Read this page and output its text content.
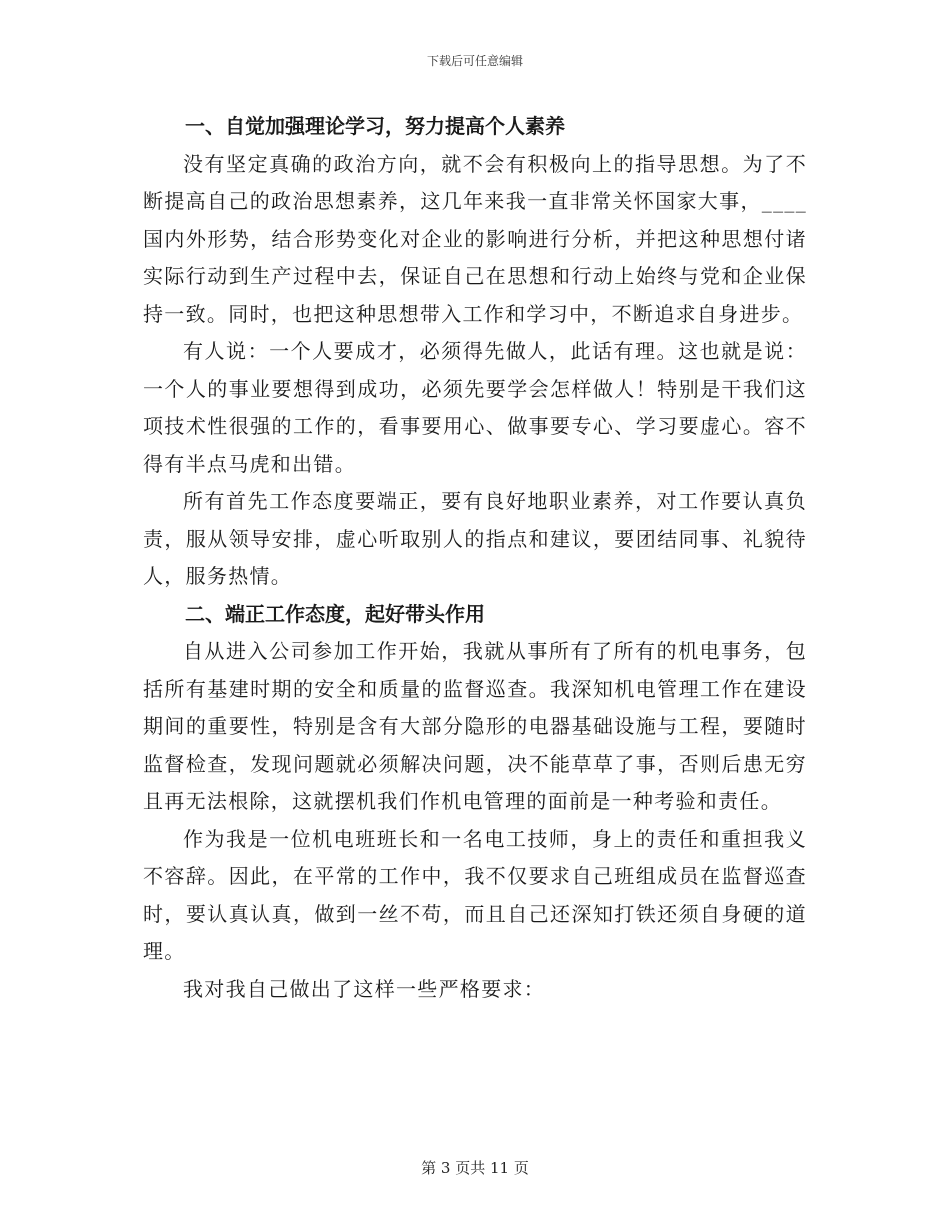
下载后可任意编辑
一、自觉加强理论学习，努力提高个人素养

没有坚定真确的政治方向，就不会有积极向上的指导思想。为了不断提高自己的政治思想素养，这几年来我一直非常关怀国家大事，____国内外形势，结合形势变化对企业的影响进行分析，并把这种思想付诸实际行动到生产过程中去，保证自己在思想和行动上始终与党和企业保持一致。同时，也把这种思想带入工作和学习中，不断追求自身进步。

有人说：一个人要成才，必须得先做人，此话有理。这也就是说：一个人的事业要想得到成功，必须先要学会怎样做人！特别是干我们这项技术性很强的工作的，看事要用心、做事要专心、学习要虚心。容不得有半点马虎和出错。

所有首先工作态度要端正，要有良好地职业素养，对工作要认真负责，服从领导安排，虚心听取别人的指点和建议，要团结同事、礼貌待人，服务热情。

二、端正工作态度，起好带头作用

自从进入公司参加工作开始，我就从事所有了所有的机电事务，包括所有基建时期的安全和质量的监督巡查。我深知机电管理工作在建设期间的重要性，特别是含有大部分隐形的电器基础设施与工程，要随时监督检查，发现问题就必须解决问题，决不能草草了事，否则后患无穷且再无法根除，这就摆机我们作机电管理的面前是一种考验和责任。

作为我是一位机电班班长和一名电工技师，身上的责任和重担我义不容辞。因此，在平常的工作中，我不仅要求自己班组成员在监督巡查时，要认真认真，做到一丝不苟，而且自己还深知打铁还须自身硬的道理。

我对我自己做出了这样一些严格要求：

第 3 页共 11 页
